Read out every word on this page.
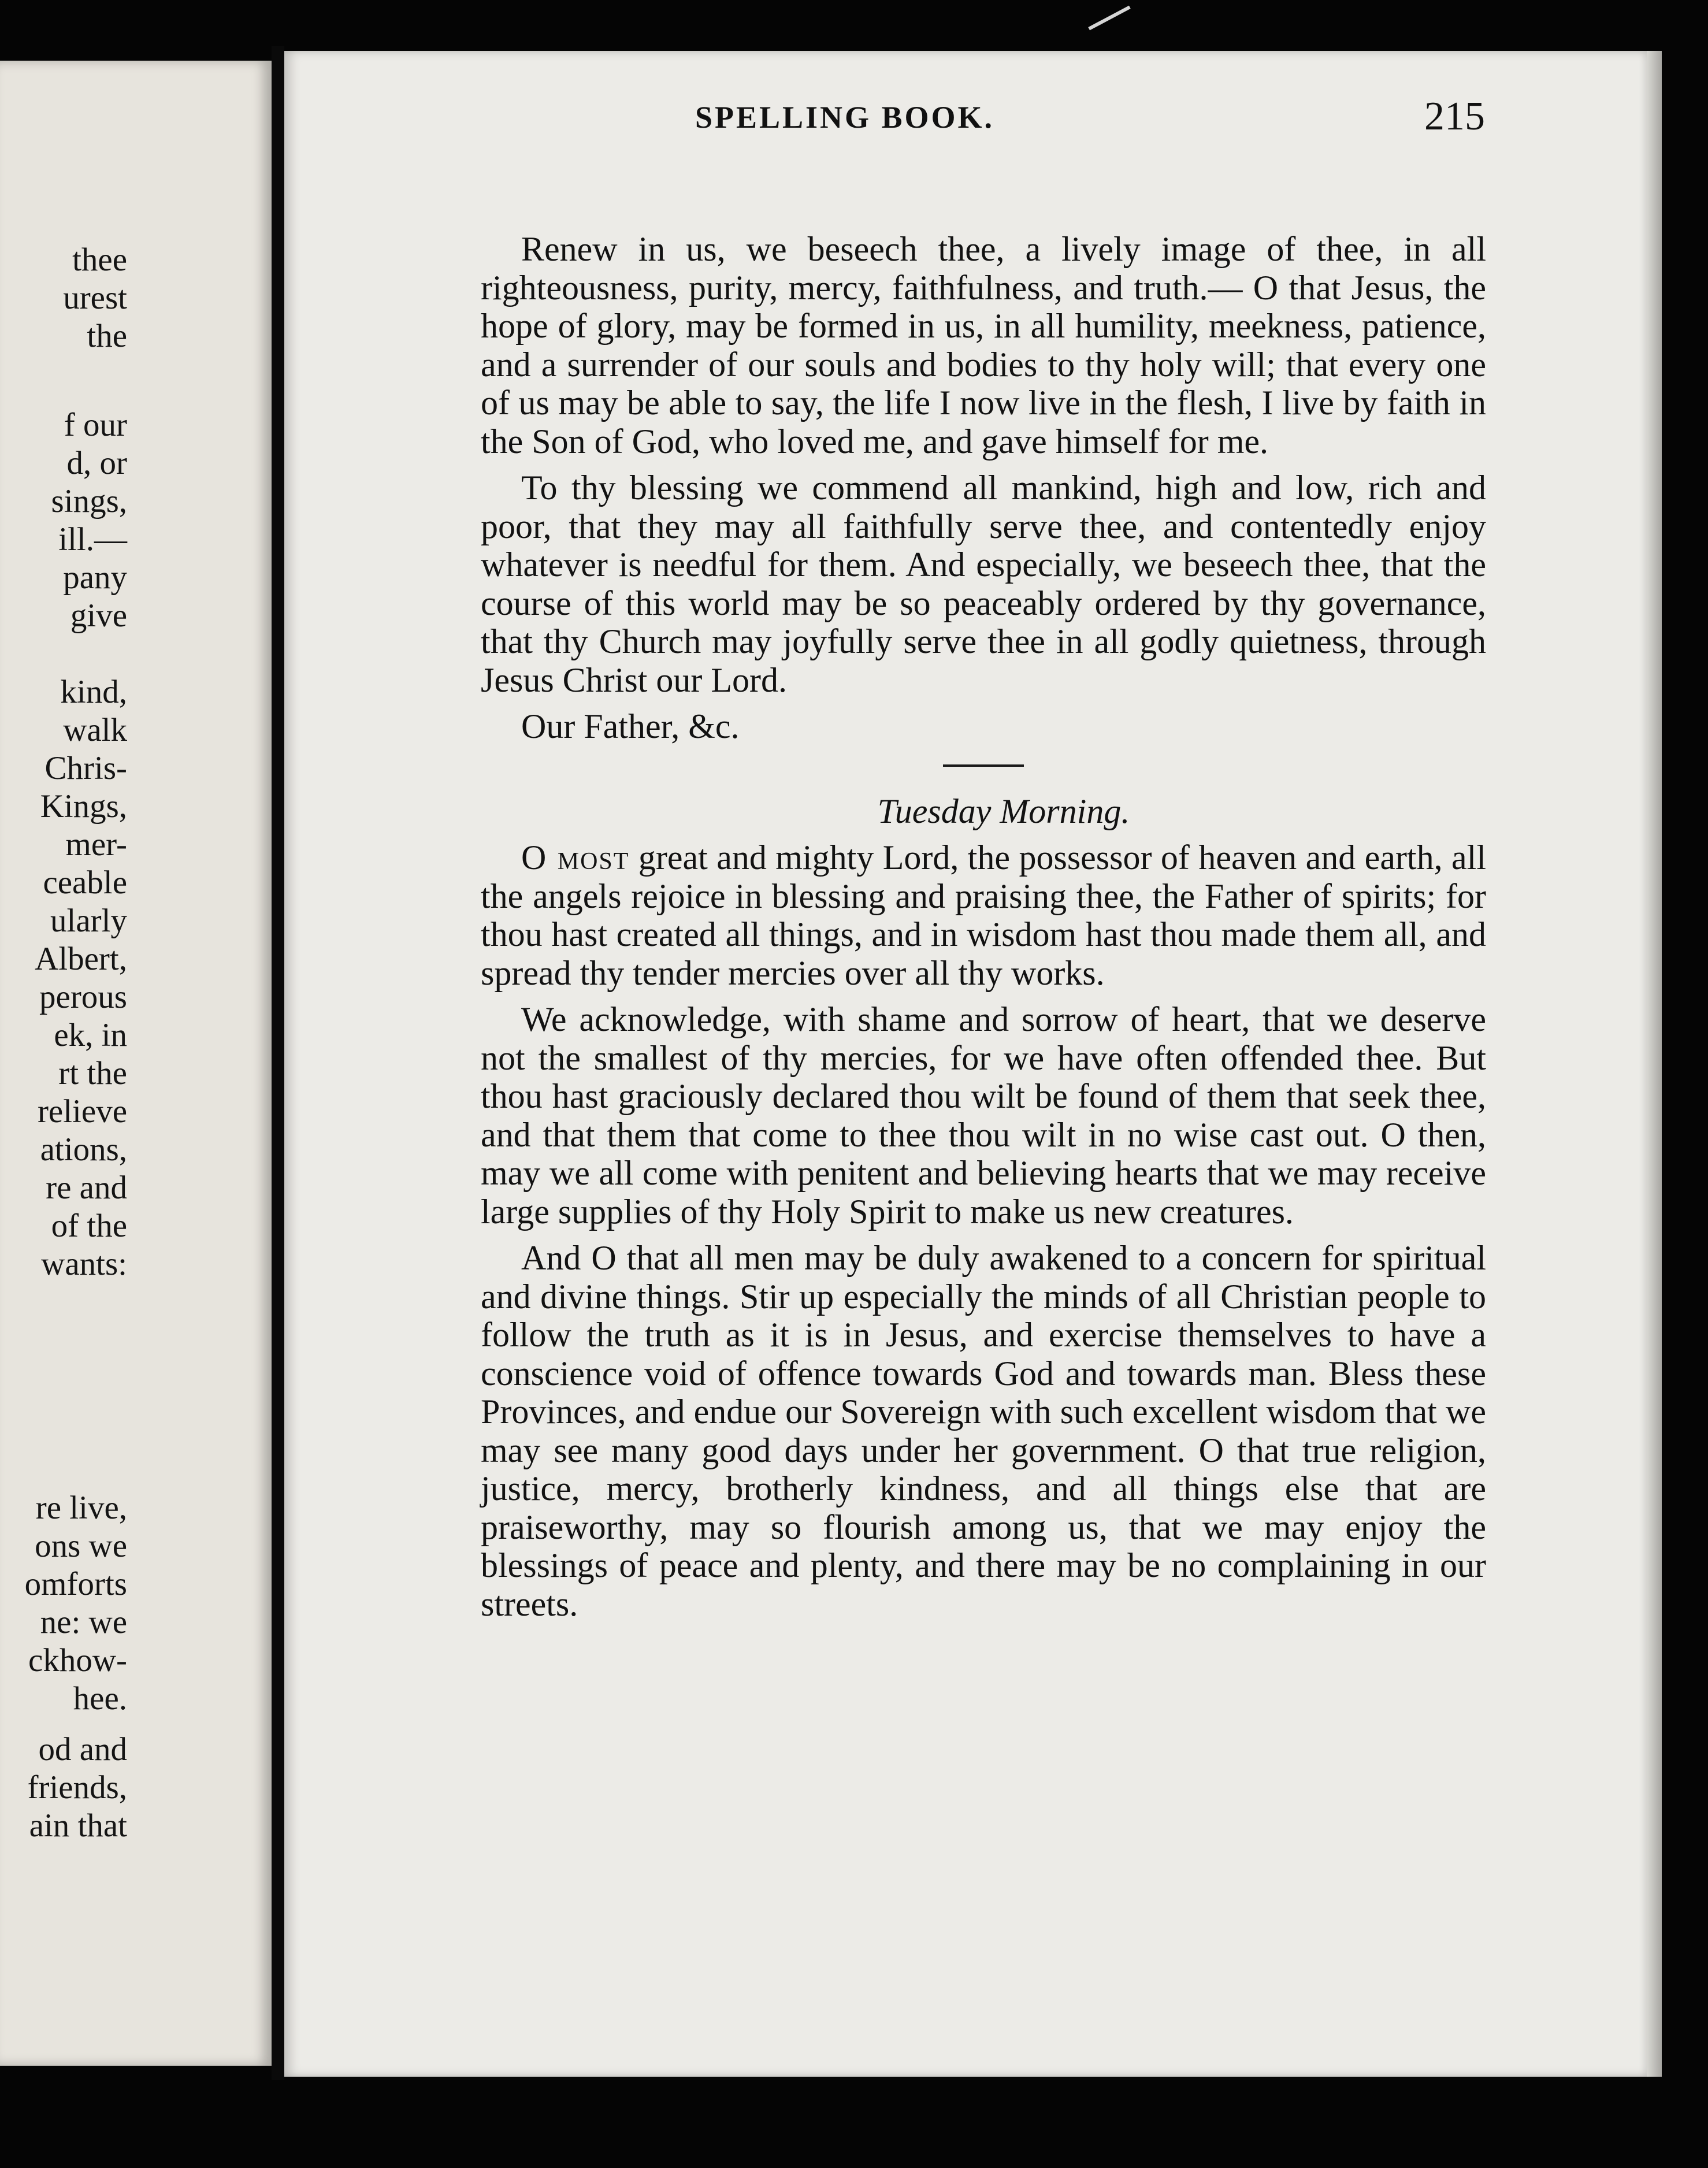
thee
urest
the
f our
d, or
sings,
ill.—
pany
give
kind,
walk
Chris-
Kings,
mer-
ceable
ularly
Albert,
perous
ek, in
rt the
relieve
ations,
re and
of the
wants:
re live,
ons we
omforts
ne: we
ckhow-
hee.
od and
friends,
ain that
SPELLING BOOK.	215

Renew in us, we beseech thee, a lively image of thee, in all righteousness, purity, mercy, faithfulness, and truth.— O that Jesus, the hope of glory, may be formed in us, in all humility, meekness, patience, and a surrender of our souls and bodies to thy holy will; that every one of us may be able to say, the life I now live in the flesh, I live by faith in the Son of God, who loved me, and gave himself for me.

To thy blessing we commend all mankind, high and low, rich and poor, that they may all faithfully serve thee, and contentedly enjoy whatever is needful for them. And especially, we beseech thee, that the course of this world may be so peaceably ordered by thy governance, that thy Church may joyfully serve thee in all godly quietness, through Jesus Christ our Lord.

Our Father, &c.

Tuesday Morning.

O most great and mighty Lord, the possessor of heaven and earth, all the angels rejoice in blessing and praising thee, the Father of spirits; for thou hast created all things, and in wisdom hast thou made them all, and spread thy tender mercies over all thy works.

We acknowledge, with shame and sorrow of heart, that we deserve not the smallest of thy mercies, for we have often offended thee. But thou hast graciously declared thou wilt be found of them that seek thee, and that them that come to thee thou wilt in no wise cast out. O then, may we all come with penitent and believing hearts that we may receive large supplies of thy Holy Spirit to make us new creatures.

And O that all men may be duly awakened to a concern for spiritual and divine things. Stir up especially the minds of all Christian people to follow the truth as it is in Jesus, and exercise themselves to have a conscience void of offence towards God and towards man. Bless these Provinces, and endue our Sovereign with such excellent wisdom that we may see many good days under her government. O that true religion, justice, mercy, brotherly kindness, and all things else that are praiseworthy, may so flourish among us, that we may enjoy the blessings of peace and plenty, and there may be no complaining in our streets.
